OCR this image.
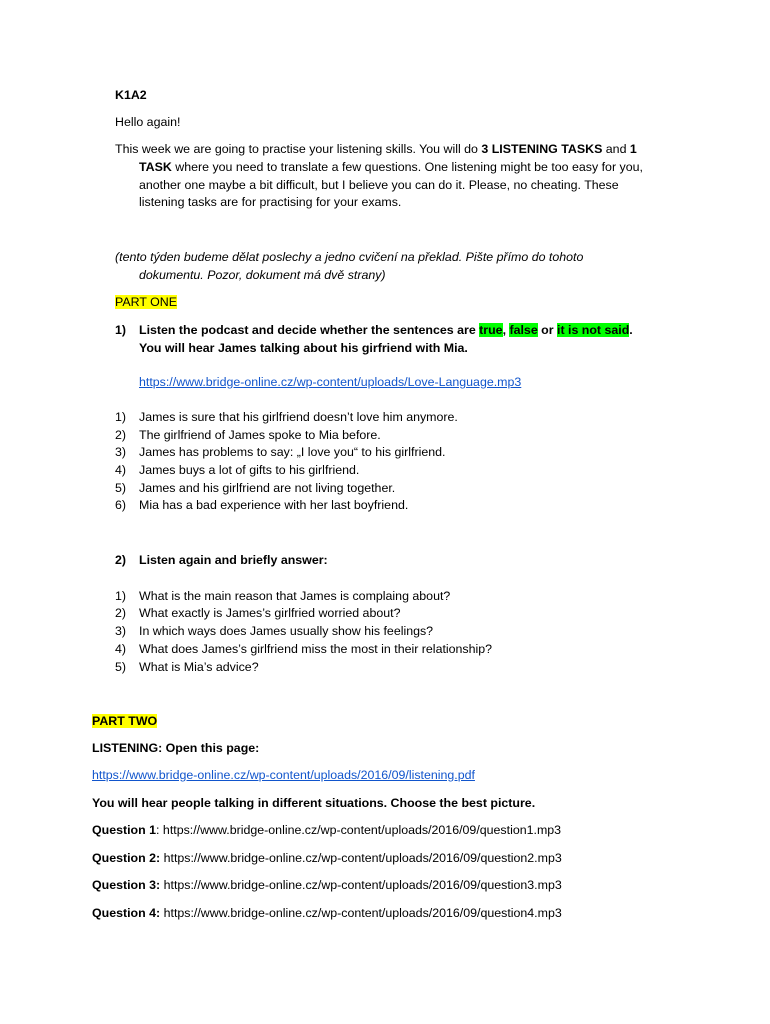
K1A2
Hello again!
This week we are going to practise your listening skills. You will do 3 LISTENING TASKS and 1
TASK where you need to translate a few questions. One listening might be too easy for you,
another one maybe a bit difficult, but I believe you can do it. Please, no cheating. These
listening tasks are for practising for your exams.
(tento týden budeme dělat poslechy a jedno cvičení na překlad. Pište přímo do tohoto
dokumentu. Pozor, dokument má dvě strany)
PART ONE
1)	Listen the podcast and decide whether the sentences are true, false or it is not said.
You will hear James talking about his girfriend with Mia.
https://www.bridge-online.cz/wp-content/uploads/Love-Language.mp3
1)	James is sure that his girlfriend doesn’t love him anymore.
2)	The girlfriend of James spoke to Mia before.
3)	James has problems to say: „I love you“ to his girlfriend.
4)	James buys a lot of gifts to his girlfriend.
5)	James and his girlfriend are not living together.
6)	Mia has a bad experience with her last boyfriend.
2)	Listen again and briefly answer:
1)	What is the main reason that James is complaing about?
2)	What exactly is James’s girlfried worried about?
3)	In which ways does James usually show his feelings?
4)	What does James’s girlfriend miss the most in their relationship?
5)	What is Mia’s advice?
PART TWO
LISTENING: Open this page:
https://www.bridge-online.cz/wp-content/uploads/2016/09/listening.pdf
You will hear people talking in different situations. Choose the best picture.
Question 1: https://www.bridge-online.cz/wp-content/uploads/2016/09/question1.mp3
Question 2: https://www.bridge-online.cz/wp-content/uploads/2016/09/question2.mp3
Question 3: https://www.bridge-online.cz/wp-content/uploads/2016/09/question3.mp3
Question 4: https://www.bridge-online.cz/wp-content/uploads/2016/09/question4.mp3
